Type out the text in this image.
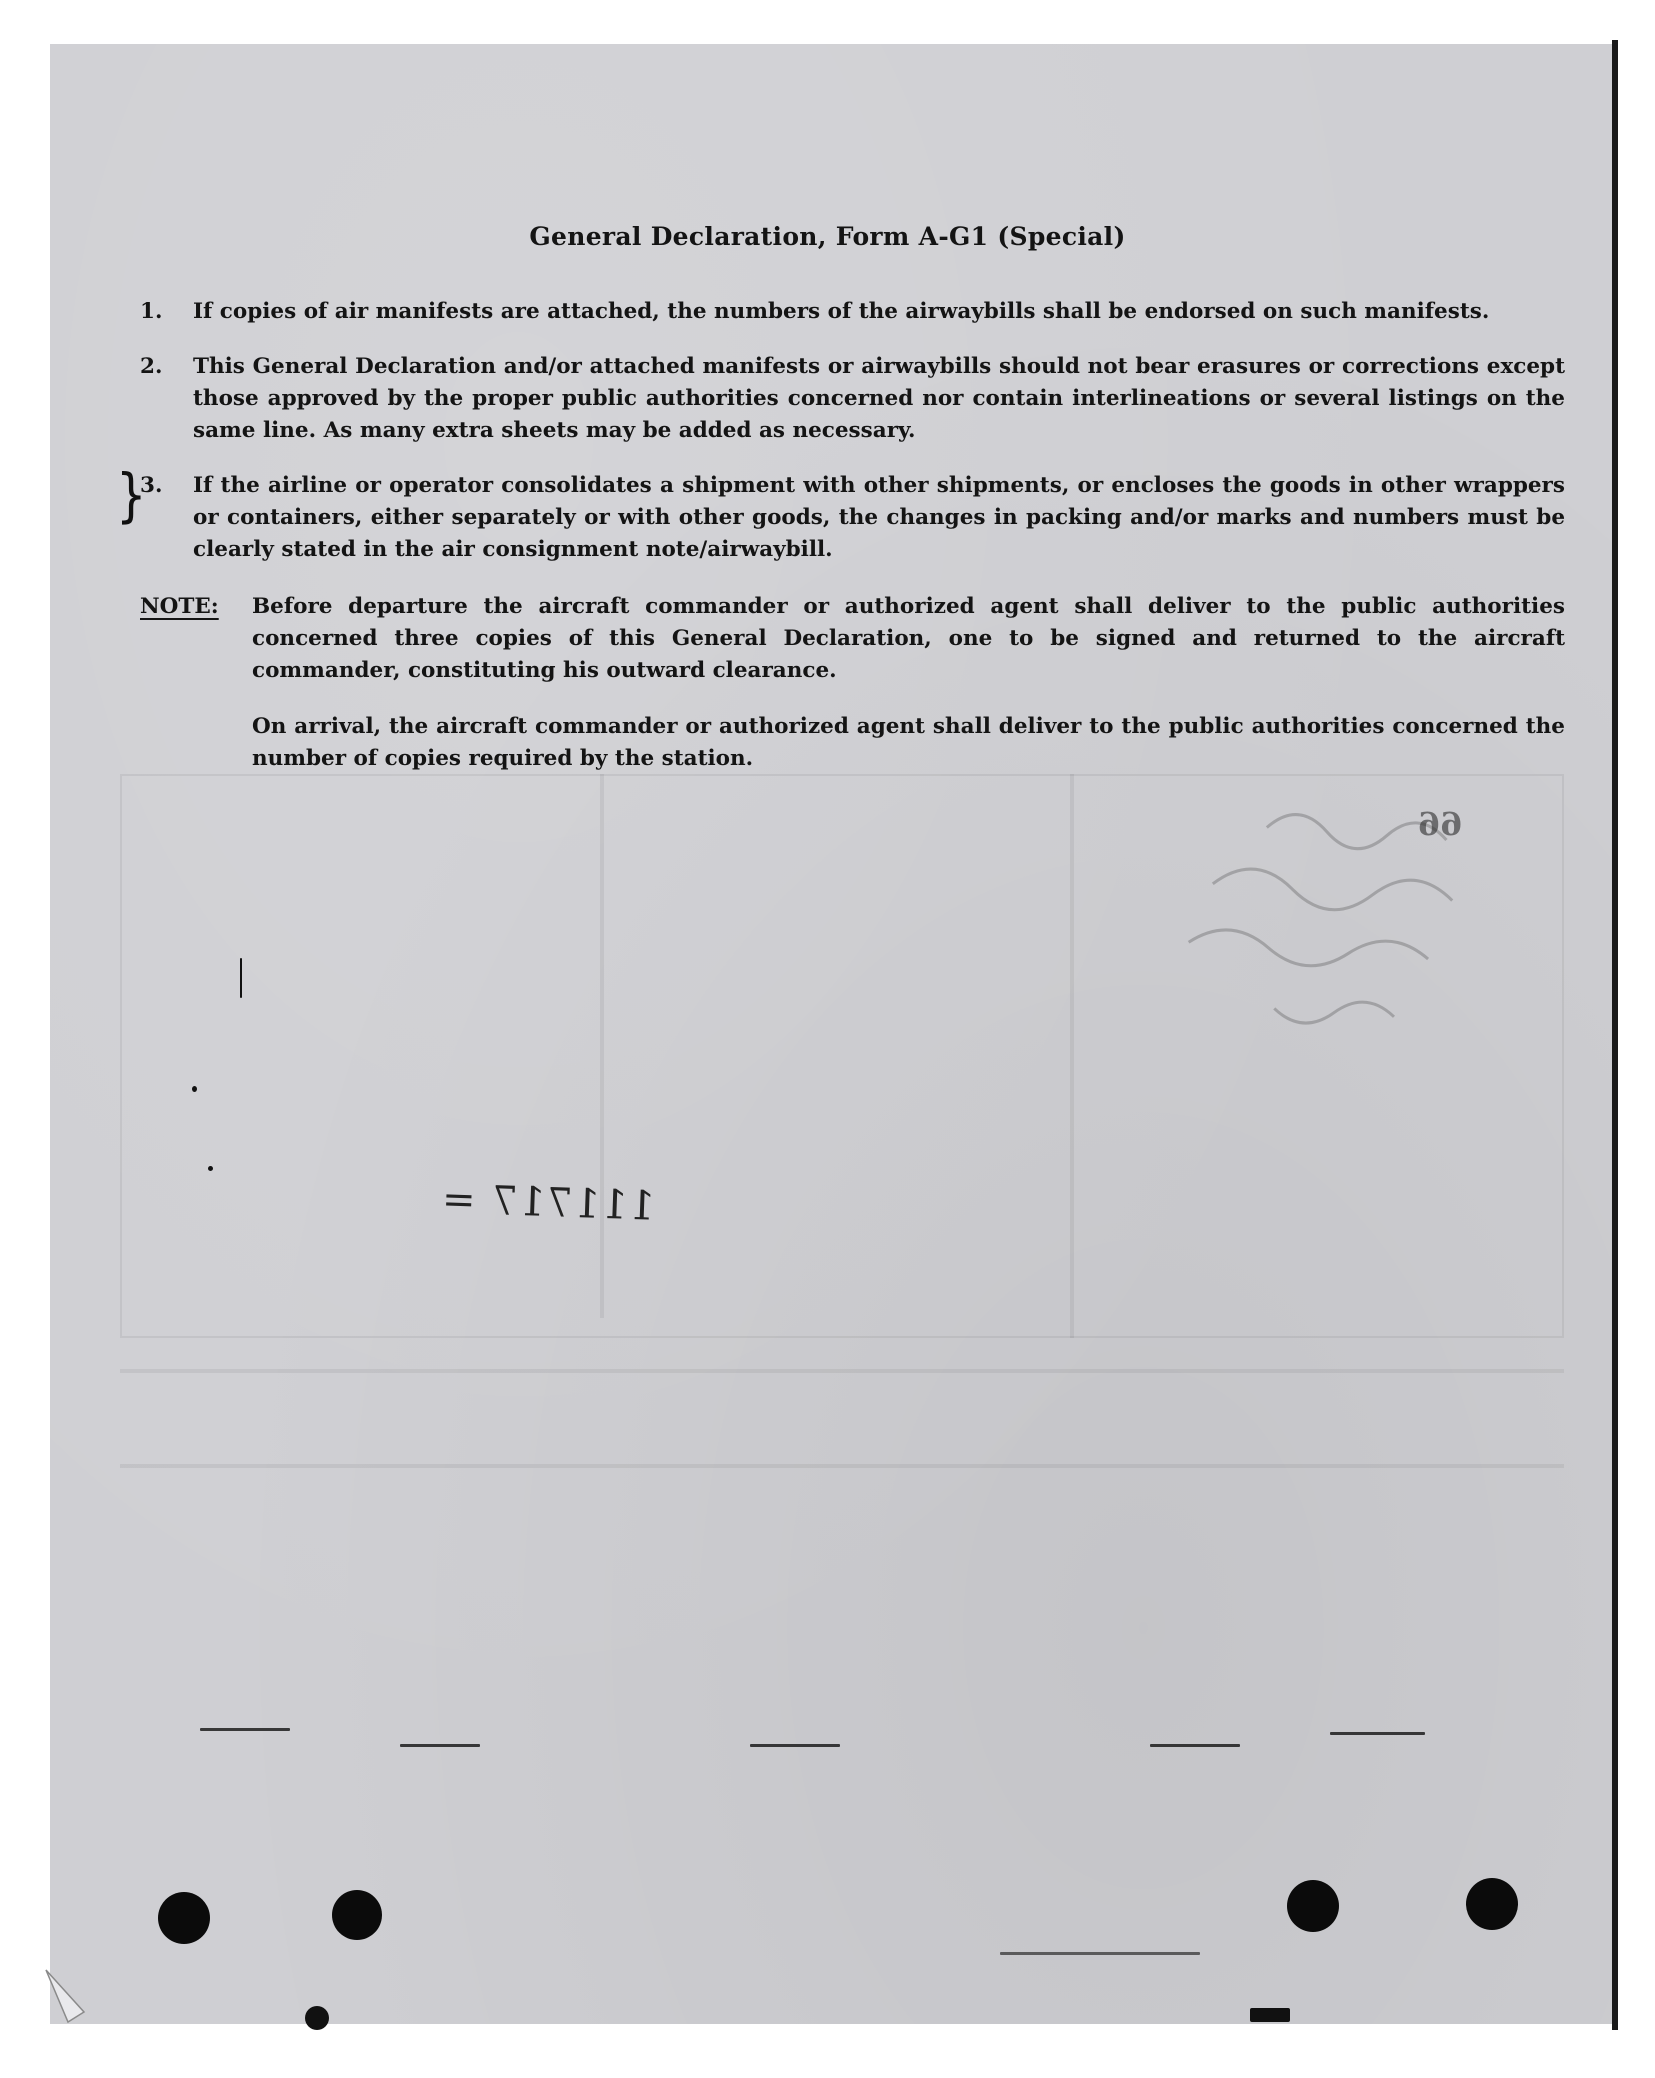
General Declaration, Form A-G1 (Special)
1. If copies of air manifests are attached, the numbers of the airwaybills shall be endorsed on such manifests.
2. This General Declaration and/or attached manifests or airwaybills should not bear erasures or corrections except those approved by the proper public authorities concerned nor contain interlineations or several listings on the same line. As many extra sheets may be added as necessary.
}
3. If the airline or operator consolidates a shipment with other shipments, or encloses the goods in other wrappers or containers, either separately or with other goods, the changes in packing and/or marks and numbers must be clearly stated in the air consignment note/airwaybill.
NOTE: Before departure the aircraft commander or authorized agent shall deliver to the public authorities concerned three copies of this General Declaration, one to be signed and returned to the aircraft commander, constituting his outward clearance.
On arrival, the aircraft commander or authorized agent shall deliver to the public authorities concerned the number of copies required by the station.
66
111717 =
